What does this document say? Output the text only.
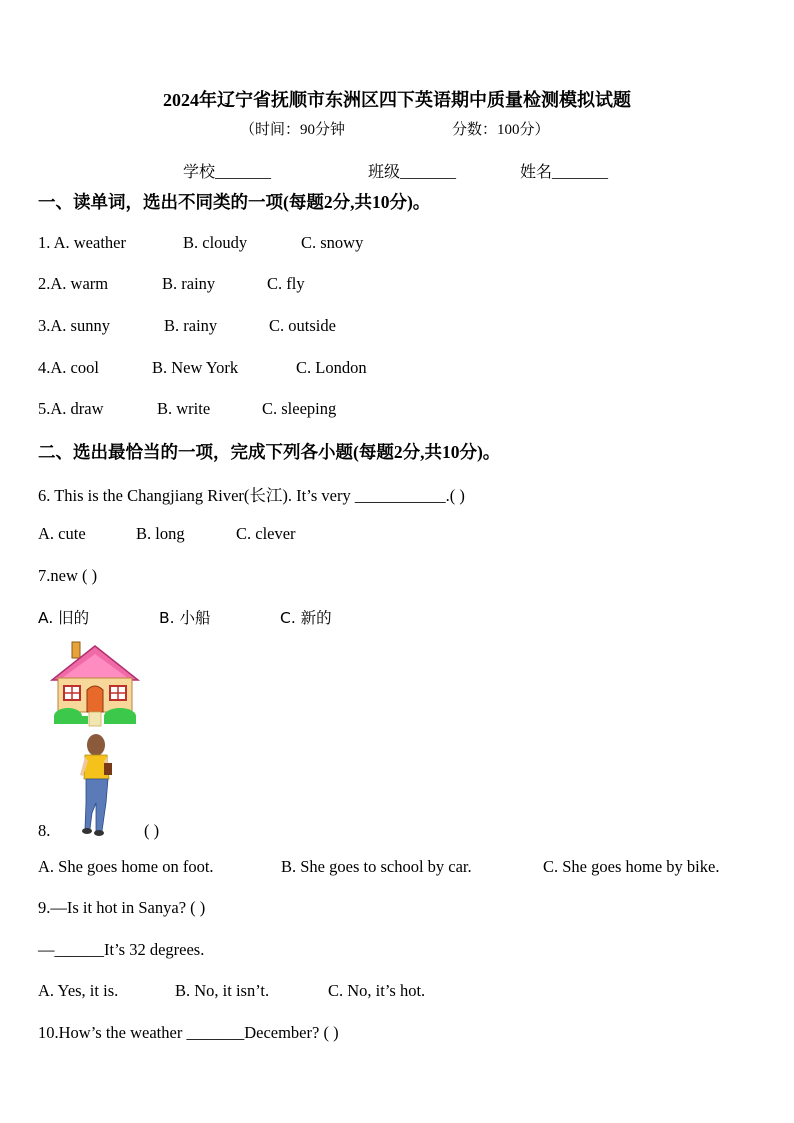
2024年辽宁省抚顺市东洲区四下英语期中质量检测模拟试题
（时间：90分钟	分数：100分）
学校_______	班级_______	姓名_______
一、读单词，选出不同类的一项(每题2分,共10分)。
1. A. weather	B. cloudy	C. snowy
2.A. warm	B. rainy	C. fly
3.A. sunny	B. rainy	C. outside
4.A. cool	B. New York	C. London
5.A. draw	B. write	C. sleeping
二、选出最恰当的一项，完成下列各小题(每题2分,共10分)。
6. This is the Changjiang River(长江). It’s very ___________.( )
A. cute	B. long	C. clever
7.new ( )
A. 旧的	B. 小船	C. 新的
8.	( )
A. She goes home on foot.	B. She goes to school by car.	C. She goes home by bike.
9.—Is it hot in Sanya? ( )
—______It’s 32 degrees.
A. Yes, it is.	B. No, it isn’t.	C. No, it’s hot.
10.How’s the weather _______December? ( )
